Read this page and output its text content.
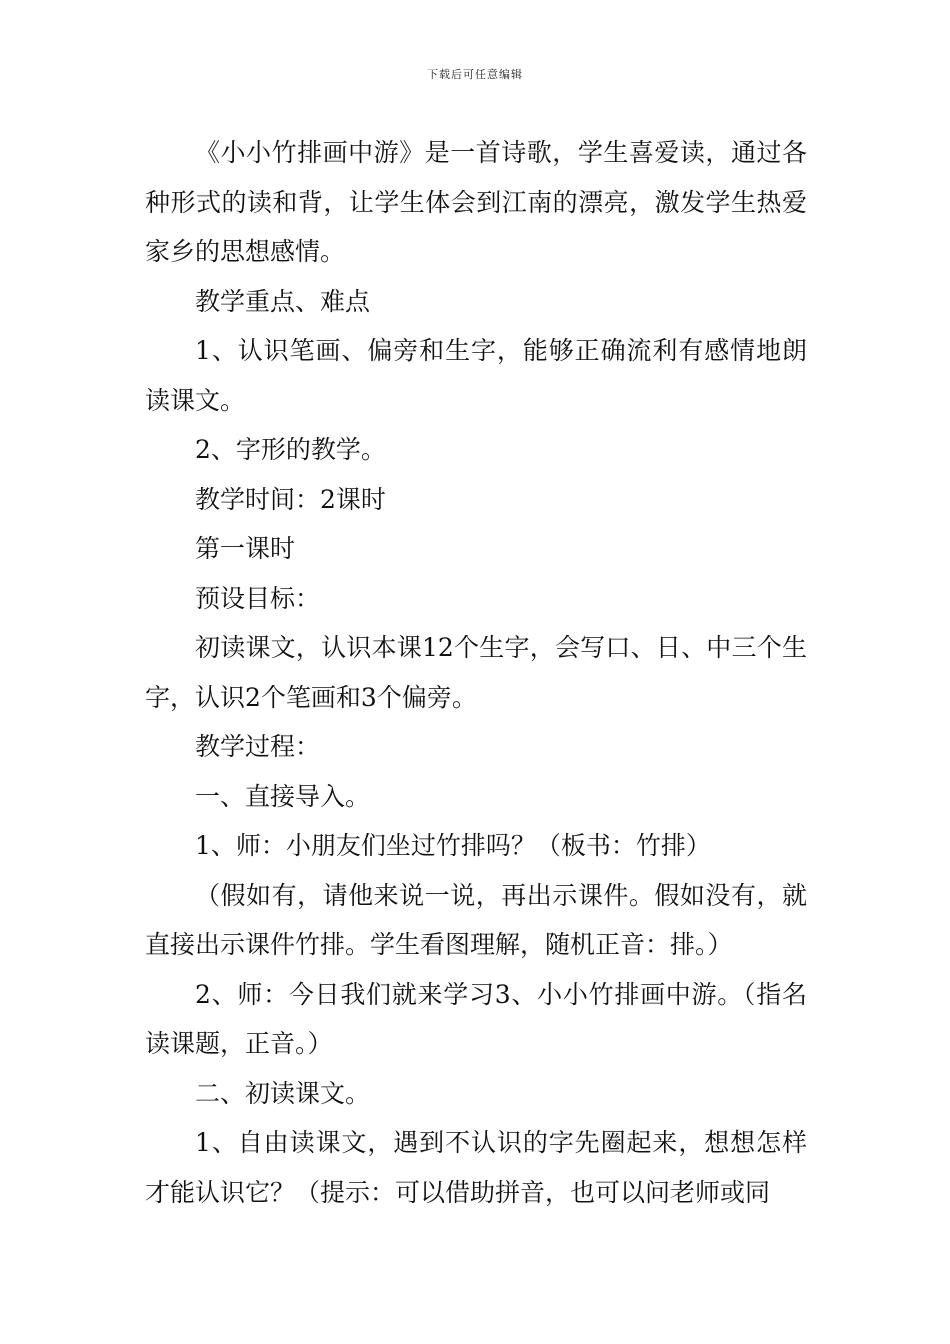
下载后可任意编辑

《小小竹排画中游》是一首诗歌，学生喜爱读，通过各种形式的读和背，让学生体会到江南的漂亮，激发学生热爱家乡的思想感情。

教学重点、难点

1、认识笔画、偏旁和生字，能够正确流利有感情地朗读课文。

2、字形的教学。

教学时间：2课时

第一课时

预设目标：

初读课文，认识本课12个生字，会写口、日、中三个生字，认识2个笔画和3个偏旁。

教学过程：

一、直接导入。

1、师：小朋友们坐过竹排吗？（板书：竹排）

（假如有，请他来说一说，再出示课件。假如没有，就直接出示课件竹排。学生看图理解，随机正音：排。）

2、师：今日我们就来学习3、小小竹排画中游。（指名读课题，正音。）

二、初读课文。

1、自由读课文，遇到不认识的字先圈起来，想想怎样才能认识它？（提示：可以借助拼音，也可以问老师或同
